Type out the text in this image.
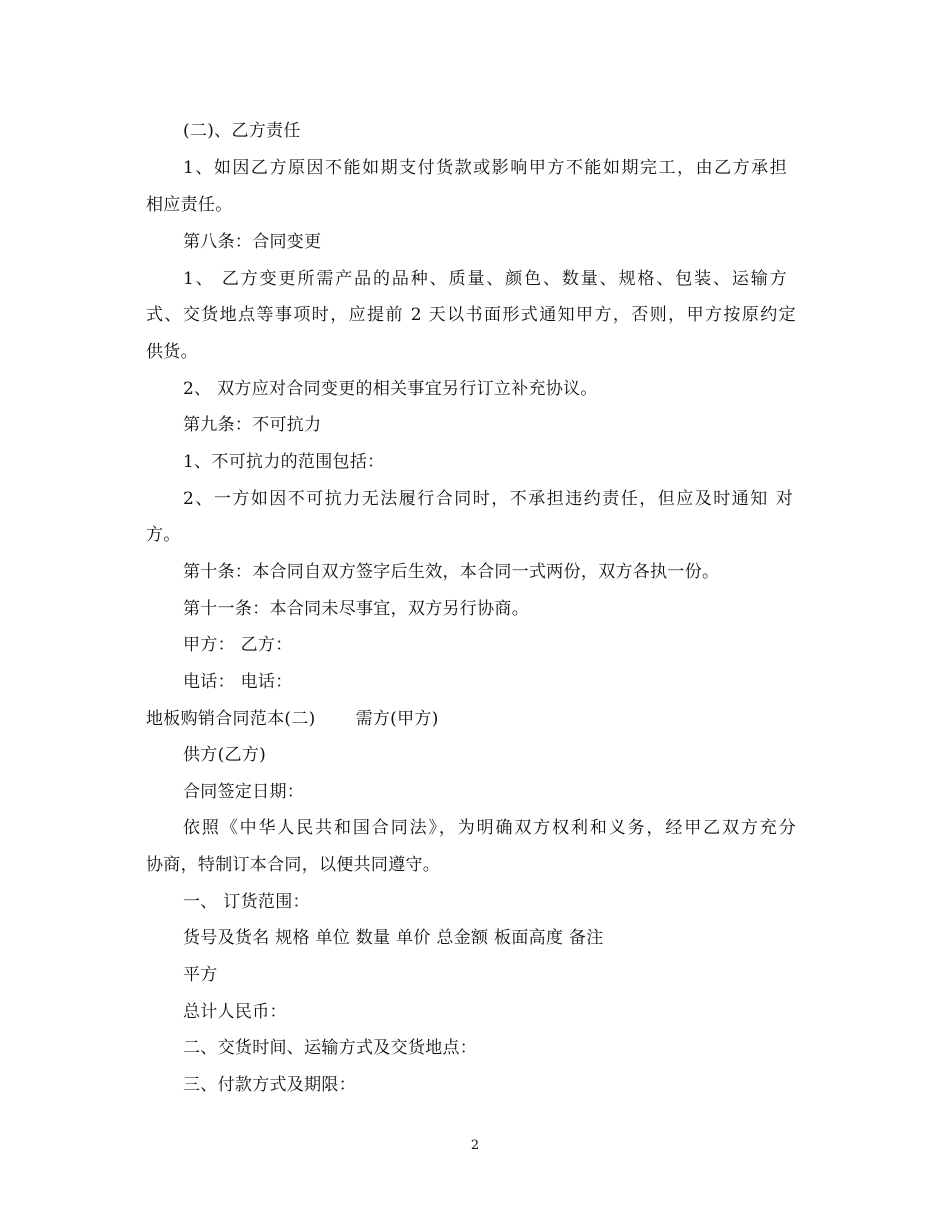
(二)、乙方责任
1、如因乙方原因不能如期支付货款或影响甲方不能如期完工，由乙方承担
相应责任。
第八条：合同变更
1、 乙方变更所需产品的品种、质量、颜色、数量、规格、包装、运输方
式、交货地点等事项时，应提前 2 天以书面形式通知甲方，否则，甲方按原约定
供货。
2、 双方应对合同变更的相关事宜另行订立补充协议。
第九条：不可抗力
1、不可抗力的范围包括：
2、一方如因不可抗力无法履行合同时，不承担违约责任，但应及时通知 对
方。
第十条：本合同自双方签字后生效，本合同一式两份，双方各执一份。
第十一条：本合同未尽事宜，双方另行协商。
甲方： 乙方：
电话： 电话：
地板购销合同范本(二) 需方(甲方)
供方(乙方)
合同签定日期：
依照《中华人民共和国合同法》，为明确双方权利和义务，经甲乙双方充分
协商，特制订本合同，以便共同遵守。
一、 订货范围：
货号及货名 规格 单位 数量 单价 总金额 板面高度 备注
平方
总计人民币：
二、交货时间、运输方式及交货地点：
三、付款方式及期限：
2
